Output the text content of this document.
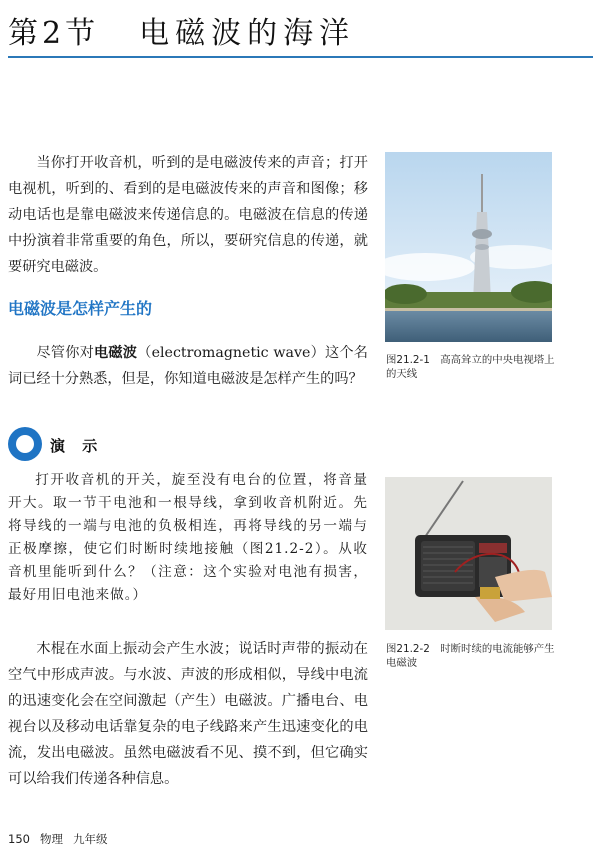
第2节 电磁波的海洋

当你打开收音机，听到的是电磁波传来的声音；打开电视机，听到的、看到的是电磁波传来的声音和图像；移动电话也是靠电磁波来传递信息的。电磁波在信息的传递中扮演着非常重要的角色，所以，要研究信息的传递，就要研究电磁波。

电磁波是怎样产生的

尽管你对电磁波（electromagnetic wave）这个名词已经十分熟悉，但是，你知道电磁波是怎样产生的吗？

演 示

打开收音机的开关，旋至没有电台的位置，将音量开大。取一节干电池和一根导线，拿到收音机附近。先将导线的一端与电池的负极相连，再将导线的另一端与正极摩擦，使它们时断时续地接触（图21.2-2）。从收音机里能听到什么？（注意：这个实验对电池有损害，最好用旧电池来做。）

木棍在水面上振动会产生水波；说话时声带的振动在空气中形成声波。与水波、声波的形成相似，导线中电流的迅速变化会在空间激起（产生）电磁波。广播电台、电视台以及移动电话靠复杂的电子线路来产生迅速变化的电流，发出电磁波。虽然电磁波看不见、摸不到，但它确实可以给我们传递各种信息。

图21.2-1　高高耸立的中央电视塔上的天线
图21.2-2　时断时续的电流能够产生电磁波
150 物理 九年级
